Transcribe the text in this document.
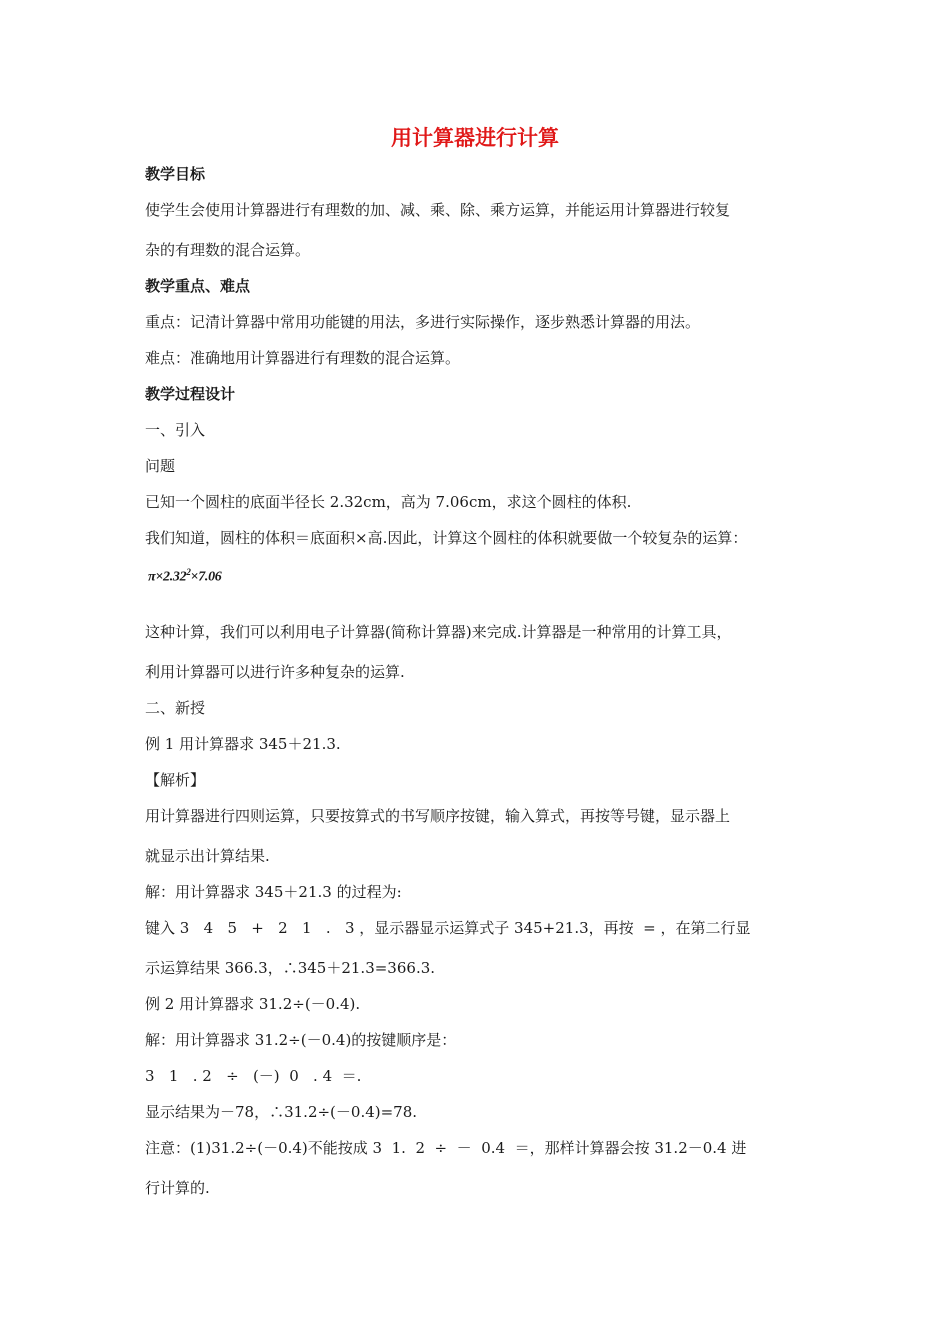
用计算器进行计算
教学目标
使学生会使用计算器进行有理数的加、减、乘、除、乘方运算，并能运用计算器进行较复
杂的有理数的混合运算。
教学重点、难点
重点：记清计算器中常用功能键的用法，多进行实际操作，逐步熟悉计算器的用法。
难点：准确地用计算器进行有理数的混合运算。
教学过程设计
一、引入
问题
已知一个圆柱的底面半径长 2.32cm，高为 7.06cm，求这个圆柱的体积.
我们知道，圆柱的体积＝底面积×高.因此，计算这个圆柱的体积就要做一个较复杂的运算：
$\pi\times 2.32^2\times 7.06$
这种计算，我们可以利用电子计算器(简称计算器)来完成.计算器是一种常用的计算工具，
利用计算器可以进行许多种复杂的运算.
二、新授
例 1 用计算器求 345＋21.3.
【解析】
用计算器进行四则运算，只要按算式的书写顺序按键，输入算式，再按等号键，显示器上
就显示出计算结果.
解：用计算器求 345＋21.3 的过程为:
键入 3   4   5   +   2   1   .   3 ，显示器显示运算式子 345+21.3，再按  = ，在第二行显
示运算结果 366.3，∴345＋21.3=366.3.
例 2 用计算器求 31.2÷(－0.4).
解：用计算器求 31.2÷(－0.4)的按键顺序是：
3   1   . 2   ÷   (－)  0   . 4  ＝.
显示结果为－78，∴31.2÷(－0.4)=78.
注意：(1)31.2÷(－0.4)不能按成 3  1.  2  ÷  －  0.4  ＝，那样计算器会按 31.2－0.4 进
行计算的.
